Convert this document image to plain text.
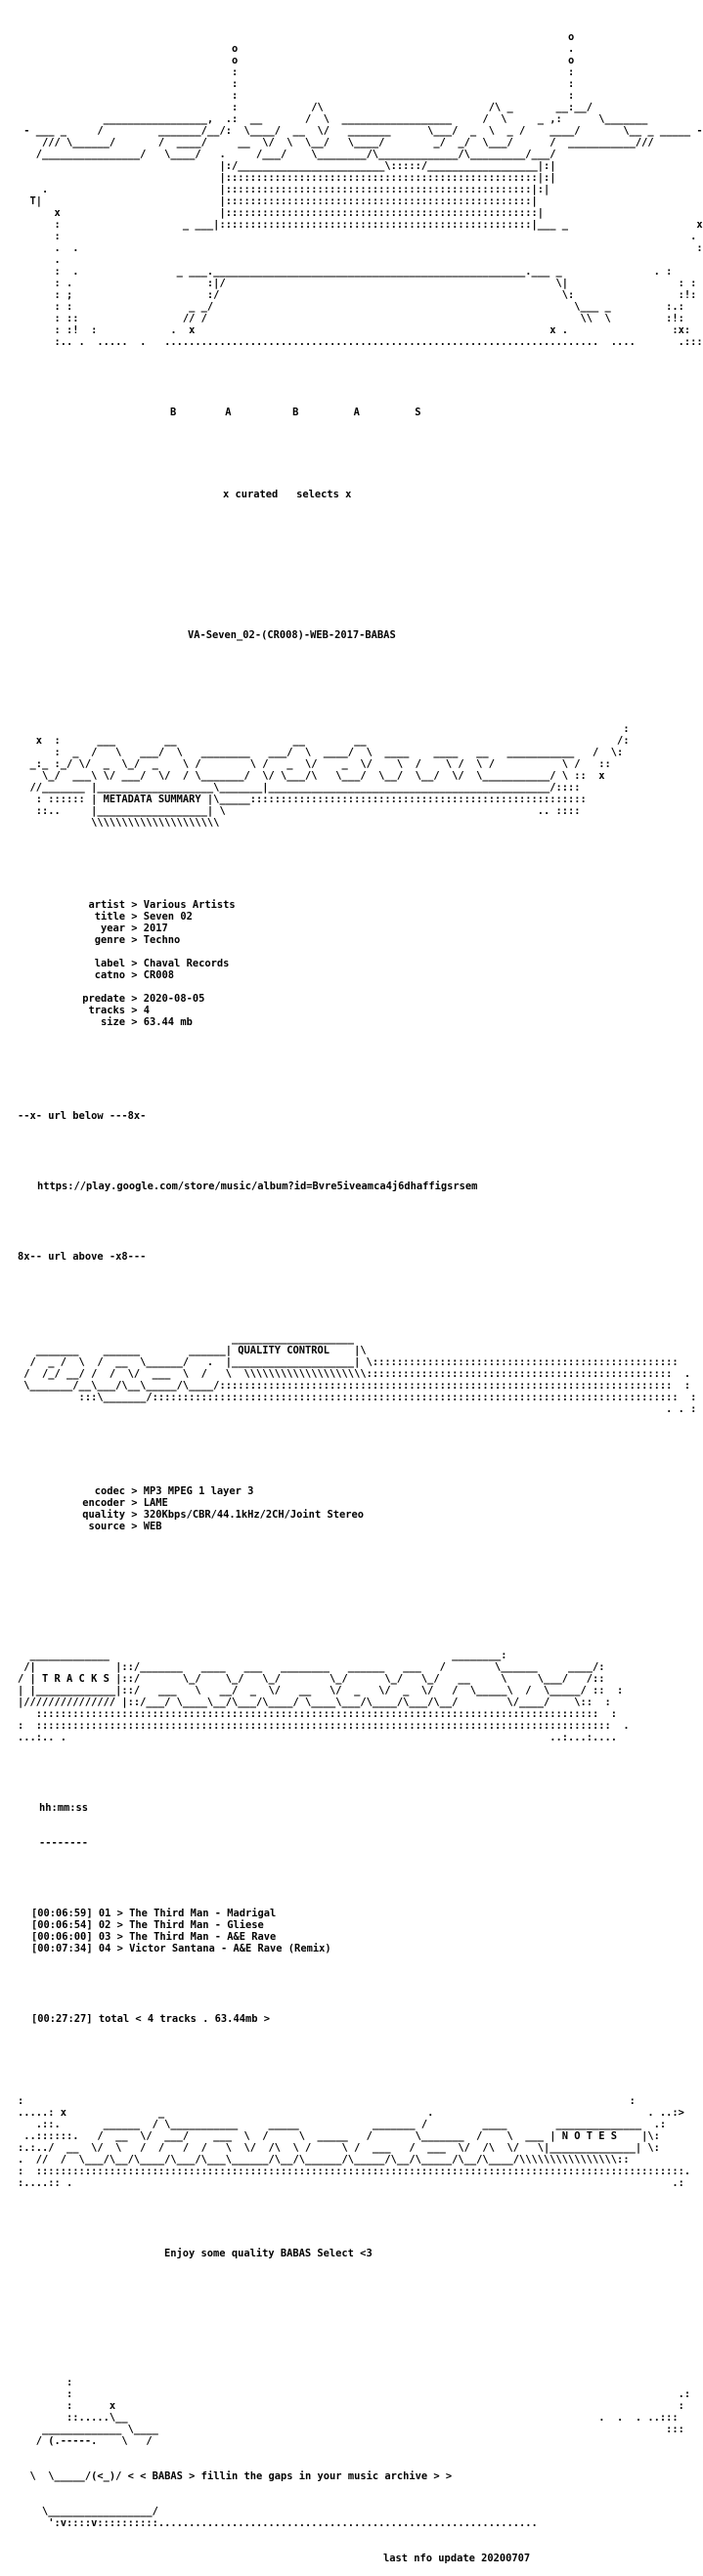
o
o                                                      .
o                                                      o
:                                                      :
:                                                      :
:                                                      :
:            /\                           /\ _       __:__/
_________________,  .:  __       /  \  __________________     /  \     _ ,:      \_______
- ___ _     /         _______/__/:  \____/  __  \/   _______      \___/  _  \  _ /    ____/       \__ _ _____ -
/// \______/       /  ____/     __  \/  \  \__/   \____/        _/  _/  \___/      /  ___________///
/________________/   \____/   .     /___/    \________/\_____________/\_________/___/
|:/________________________\:::::/__________________|:|
|:::::::::::::::::::::::::::::::::::::::::::::::::::|:|
.                            |::::::::::::::::::::::::::::::::::::::::::::::::::|:|
T|                             |::::::::::::::::::::::::::::::::::::::::::::::::::|
x                          |:::::::::::::::::::::::::::::::::::::::::::::::::::|
:                    _ ___|:::::::::::::::::::::::::::::::::::::::::::::::::::|___ _                     x
:                                                                                                       .
.  .                                                                                                     :
.
:  .                _ ___.___________________________________________________.___ _               . :
: .                      :|/                                                      \|                  : :
: ;                      :/                                                        \:                 :!:
: :                   _ _/                                                           \___ _         :.:
: ::                 // /                                                             \\  \         :!:
: :!  :            .  x                                                          x .                 :x:
:.. .  .....  .   .......................................................................  ....       .:::

B        A          B         A         S

x curated   selects x

VA-Seven_02-(CR008)-WEB-2017-BABAS

:
x  :      ___        __                   __        __                                         /:
:  _  /   \   ___/  \   ________   ___/  \  ____/  \  ____    ____   __   ___________   /  \:
_:_ :_/ \/  _  \_/  _    \ /        \ /   _  \/    _  \/    \  /    \ /  \ /           \ /   ::
\_/  ___\ \/ ___/  \/  / \_______/  \/ \___/\   \___/  \__/  \__/  \/  \___________/ \ ::  x
//_______ |___________________\_______|______________________________________________/::::
: :::::: | METADATA SUMMARY |\_____:::::::::::::::::::::::::::::::::::::::::::::::::::::::
::..     |__________________| \                                                   .. ::::
\\\\\\\\\\\\\\\\\\\\\

artist > Various Artists
title > Seven 02
year > 2017
genre > Techno

label > Chaval Records
catno > CR008

predate > 2020-08-05
tracks > 4
size > 63.44 mb

--x- url below ---8x-

https://play.google.com/store/music/album?id=Bvre5iveamca4j6dhaffigsrsem

8x-- url above -x8---

____________________
_______    ______        ______| QUALITY CONTROL    |\
/  _ /  \  /  __  \______/   .  |____________________| \::::::::::::::::::::::::::::::::::::::::::::::::::
/  /_/ __/ /  /  \/  ___  \  /   \  \\\\\\\\\\\\\\\\\\\\::::::::::::::::::::::::::::::::::::::::::::::::::  .
\_______/__\___/\__\_____/\____/::::::::::::::::::::::::::::::::::::::::::::::::::::::::::::::::::::::::::  :
:::\_______/::::::::::::::::::::::::::::::::::::::::::::::::::::::::::::::::::::::::::::::::::::::  :
. . :

codec > MP3 MPEG 1 layer 3
encoder > LAME
quality > 320Kbps/CBR/44.1kHz/2CH/Joint Stereo
source > WEB

_____________                                                        ________:
/|             |::/_______   ____   ___   ________   ______   ___   /        \______     ____/:
/ | T R A C K S |::/       \_/    \_/   \_/        \_/      \_/   \_/   __     \     \___/   /::
| |_____________|::/   ___   \   __/  _  \/   __   \/  _   \/  _  \/   /  \_____\  /  \_____/ ::  :
|/////////////// |::/___/ \____\__/\___/\____/ \____\___/\____/\___/\__/        \/____/    \::  :
::::::::::::::::::::::::::::::::::::::::::::::::::::::::::::::::::::::::::::::::::::::::::::  :
:  ::::::::::::::::::::::::::::::::::::::::::::::::::::::::::::::::::::::::::::::::::::::::::::::  .
...:.. .                                                                               ..:...:....

hh:mm:ss

--------

[00:06:59] 01 > The Third Man - Madrigal
[00:06:54] 02 > The Third Man - Gliese
[00:06:00] 03 > The Third Man - A&E Rave
[00:07:34] 04 > Victor Santana - A&E Rave (Remix)

[00:27:27] total < 4 tracks . 63.44mb >

:                                                                                                   :
.....: x               _                                           .                                   . ..:>
.::.       ______  / \___________     _____            _______ /         ____        ______________  .:
..::::::.   /  __  \/  ___/    ___  \  /     \  _____   /       \_______  /    \  ___ | N O T E S    |\:
:.:../  __  \/  \   /  /   /  /   \  \/  /\  \ /     \ /  ___   /  ___  \/  /\  \/   \|______________| \:
.  //  /  \___/\__/\____/\___/\___\______/\__/\______/\_____/\__/\_____/\__/\____/\\\\\\\\\\\\\\\\::
:  ::::::::::::::::::::::::::::::::::::::::::::::::::::::::::::::::::::::::::::::::::::::::::::::::::::::::::.
:....:: .                                                                                                  .:

Enjoy some quality BABAS Select <3

:
:                                                                                                   .:
:      x                                                                                            :
::.....\__                                                                             .  .  . ..:::
_____________ \____                                                                                   :::
/ (.-----.    \   /

\  \_____/(<_)/ < < BABAS > fillin the gaps in your music archive > >

\_________________/
':v::::v::::::::::..............................................................

last nfo update 20200707
